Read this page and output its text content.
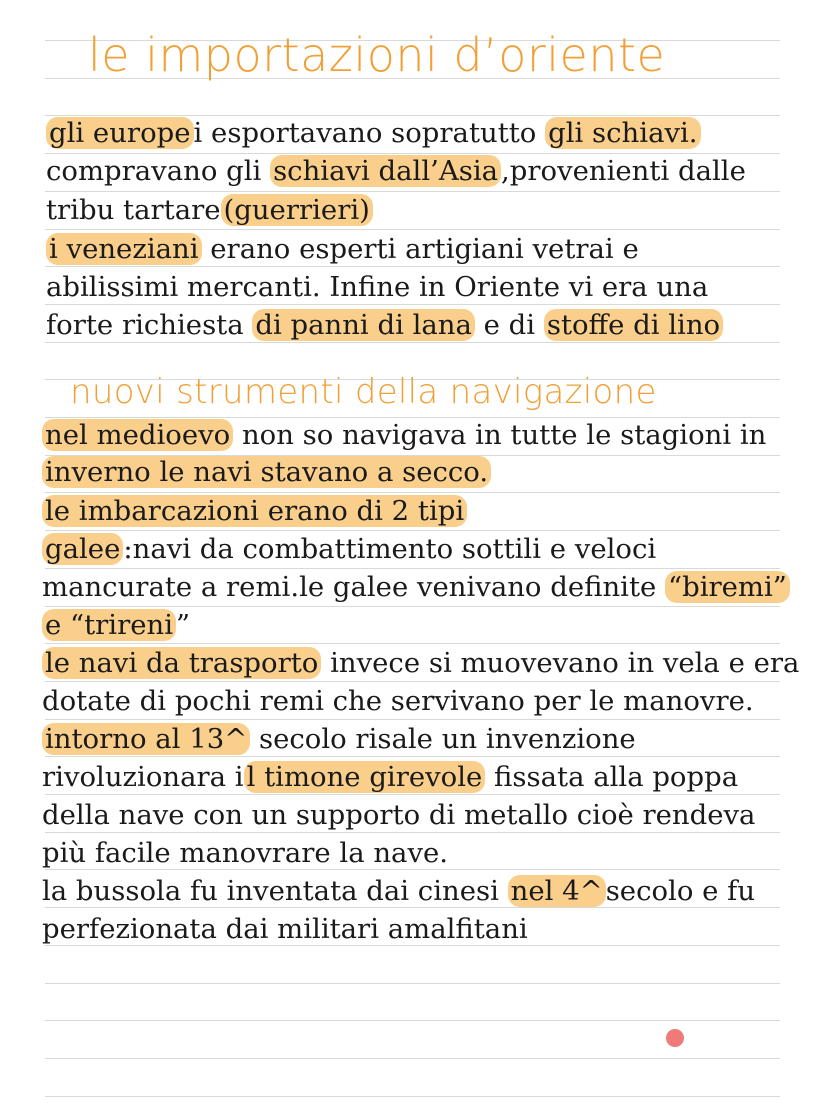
le importazioni d’oriente
nuovi strumenti della navigazione
gli europe i esportavano sopratutto gli schiavi.
compravano gli schiavi dall’Asia ,provenienti dalle
tribu tartare (guerrieri)
i veneziani erano esperti artigiani vetrai e
abilissimi mercanti. Infine in Oriente vi era una
forte richiesta di panni di lana e di stoffe di lino
nel medioevo non so navigava in tutte le stagioni in
inverno le navi stavano a secco.
le imbarcazioni erano di 2 tipi
galee :navi da combattimento sottili e veloci
mancurate a remi.le galee venivano definite “biremi”
e “trireni ”
le navi da trasporto invece si muovevano in vela e era
dotate di pochi remi che servivano per le manovre.
intorno al 13^ secolo risale un invenzione
rivoluzionara i l timone girevole fissata alla poppa
della nave con un supporto di metallo cioè rendeva
più facile manovrare la nave.
la bussola fu inventata dai cinesi nel 4^ secolo e fu
perfezionata dai militari amalfitani
